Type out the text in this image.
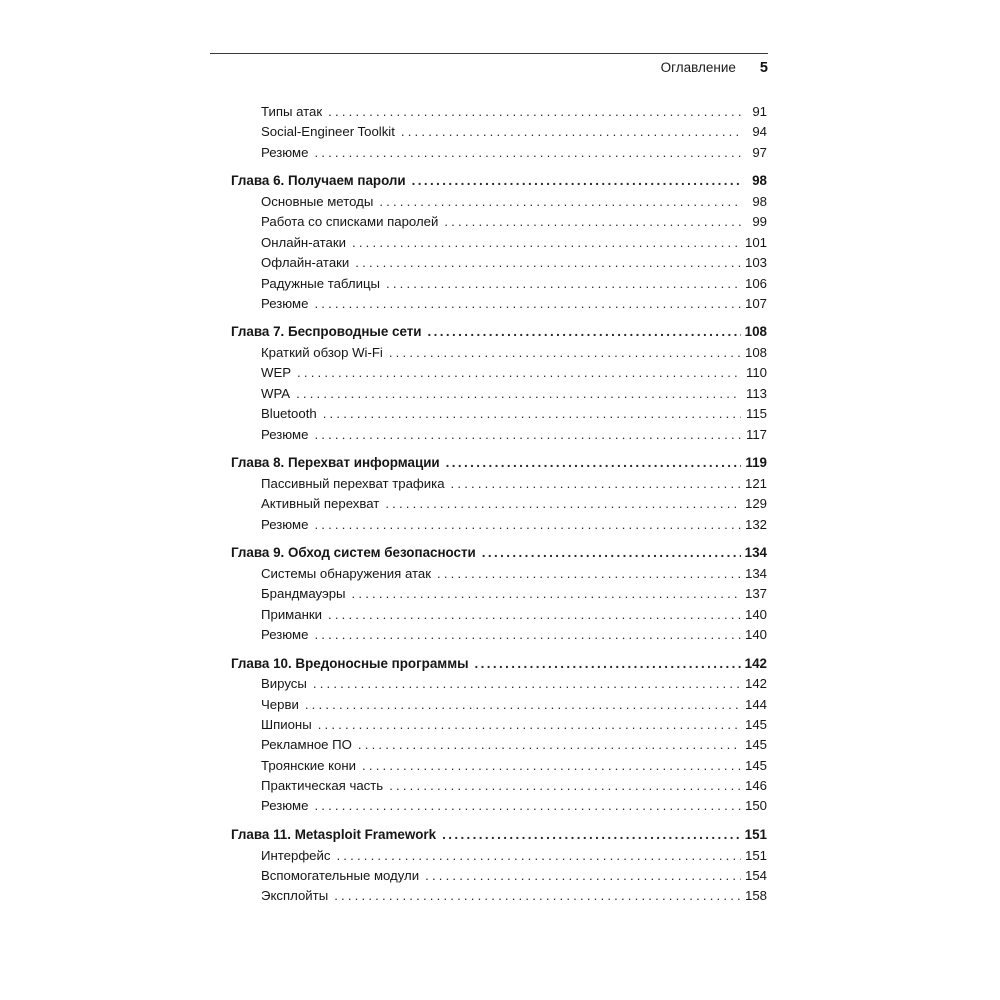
Оглавление 5
Типы атак . . .	91
Social-Engineer Toolkit . . .	94
Резюме . . .	97
Глава 6. Получаем пароли .....	98
Основные методы . . .	98
Работа со списками паролей . . .	99
Онлайн-атаки . . .	101
Офлайн-атаки . . .	103
Радужные таблицы . . .	106
Резюме . . .	107
Глава 7. Беспроводные сети .....	108
Краткий обзор Wi-Fi . . .	108
WEP . . .	110
WPA . . .	113
Bluetooth . . .	115
Резюме . . .	117
Глава 8. Перехват информации .....	119
Пассивный перехват трафика . . .	121
Активный перехват . . .	129
Резюме . . .	132
Глава 9. Обход систем безопасности .....	134
Системы обнаружения атак . . .	134
Брандмауэры . . .	137
Приманки . . .	140
Резюме . . .	140
Глава 10. Вредоносные программы .....	142
Вирусы . . .	142
Черви . . .	144
Шпионы . . .	145
Рекламное ПО . . .	145
Троянские кони . . .	145
Практическая часть . . .	146
Резюме . . .	150
Глава 11. Metasploit Framework .....	151
Интерфейс . . .	151
Вспомогательные модули . . .	154
Эксплойты . . .	158
